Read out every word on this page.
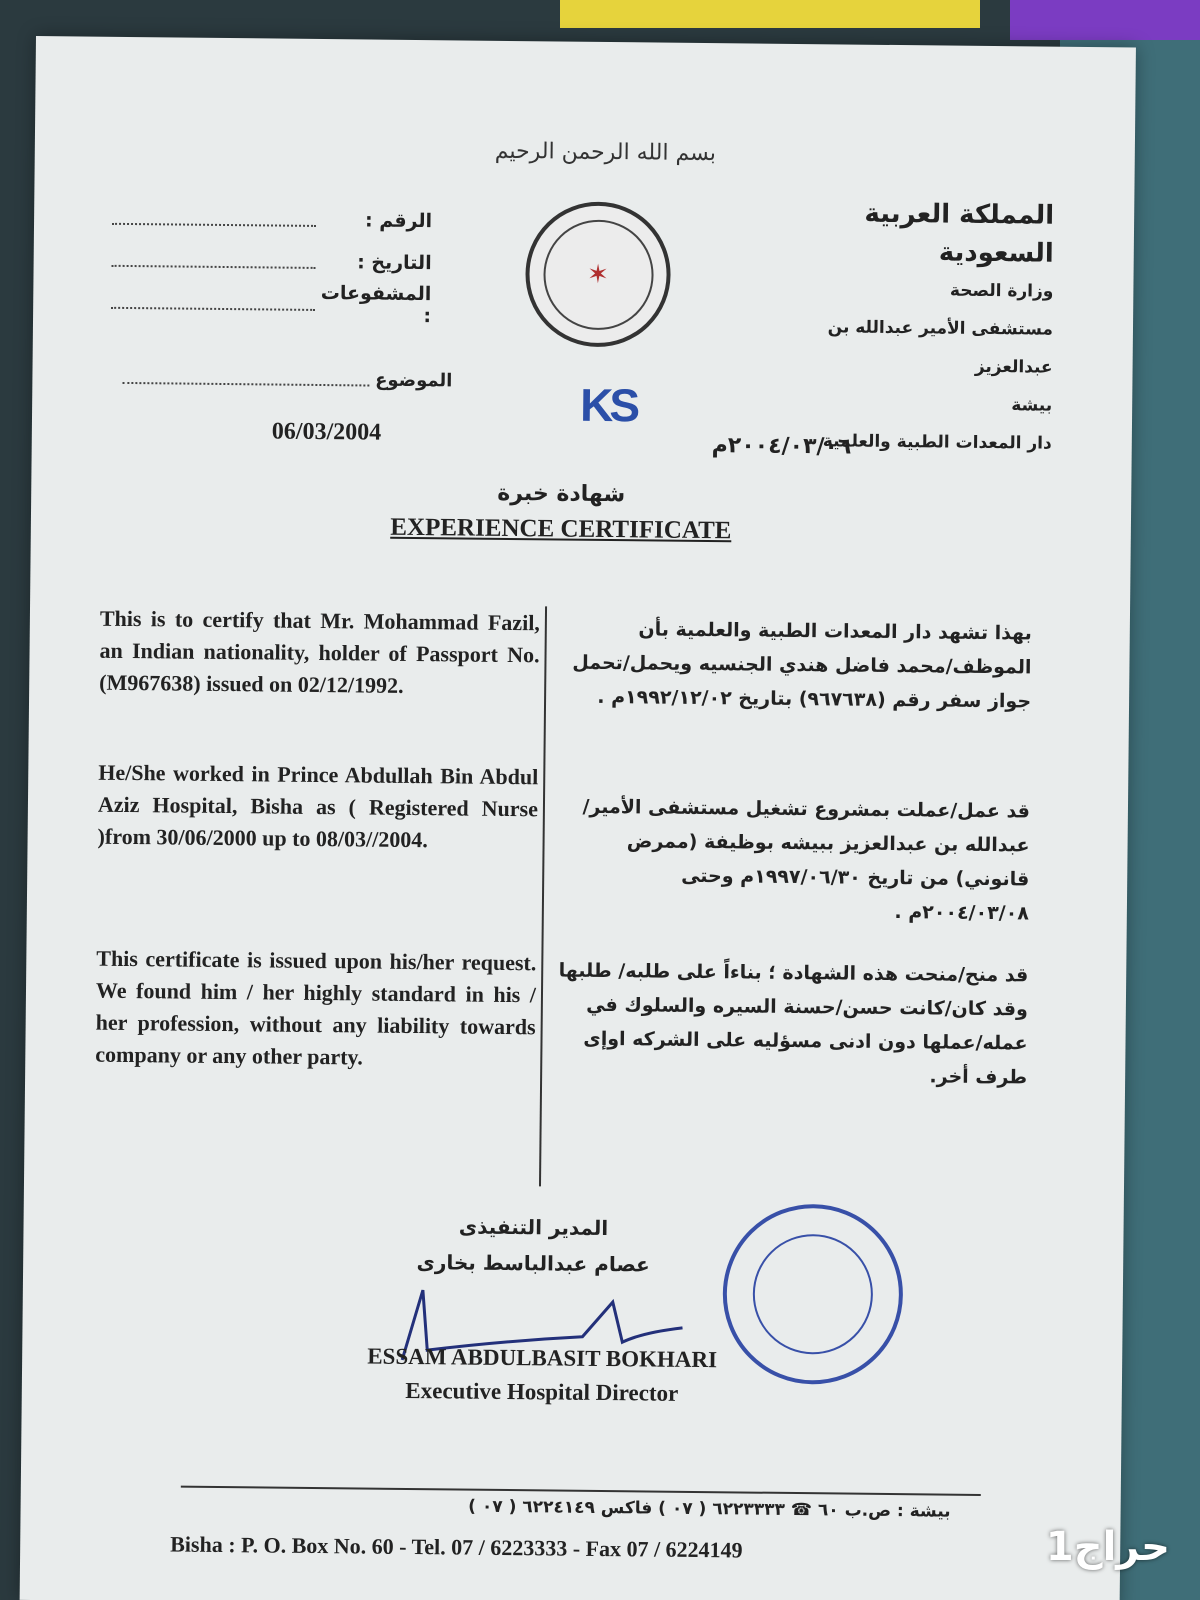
بسم الله الرحمن الرحيم
الرقم :
التاريخ :
المشفوعات :
الموضوع
✶
KS
المملكة العربية السعودية
وزارة الصحة
مستشفى الأمير عبدالله بن عبدالعزيز
بيشة
دار المعدات الطبية والعلمية
06/03/2004
٢٠٠٤/٠٣/٠٦م
شهادة خبرة
EXPERIENCE CERTIFICATE

This is to certify that Mr. Mohammad Fazil, an Indian nationality, holder of Passport No. (M967638) issued on 02/12/1992.

He/She worked in Prince Abdullah Bin Abdul Aziz Hospital, Bisha as ( Registered Nurse )from 30/06/2000 up to 08/03//2004.

This certificate is issued upon his/her request. We found him / her highly standard in his / her profession, without any liability towards company or any other party.

بهذا تشهد دار المعدات الطبية والعلمية بأن الموظف/محمد فاضل هندي الجنسيه ويحمل/تحمل جواز سفر رقم (٩٦٧٦٣٨) بتاريخ ١٩٩٢/١٢/٠٢م .

قد عمل/عملت بمشروع تشغيل مستشفى الأمير/عبدالله بن عبدالعزيز ببيشه بوظيفة (ممرض قانوني) من تاريخ ١٩٩٧/٠٦/٣٠م وحتى ٢٠٠٤/٠٣/٠٨م .

قد منح/منحت هذه الشهادة ؛ بناءاً على طلبه/ طلبها وقد كان/كانت حسن/حسنة السيره والسلوك في عمله/عملها دون ادنى مسؤليه على الشركه اوإى طرف أخر.

المدير التنفيذى
عصام عبدالباسط بخارى
ESSAM ABDULBASIT BOKHARI
Executive Hospital Director
بيشة : ص.ب ٦٠ ☎ ٦٢٢٣٣٣٣ ( ٠٧ ) فاكس ٦٢٢٤١٤٩ ( ٠٧ )
Bisha : P. O. Box No. 60 - Tel. 07 / 6223333 - Fax 07 / 6224149	حراج1
